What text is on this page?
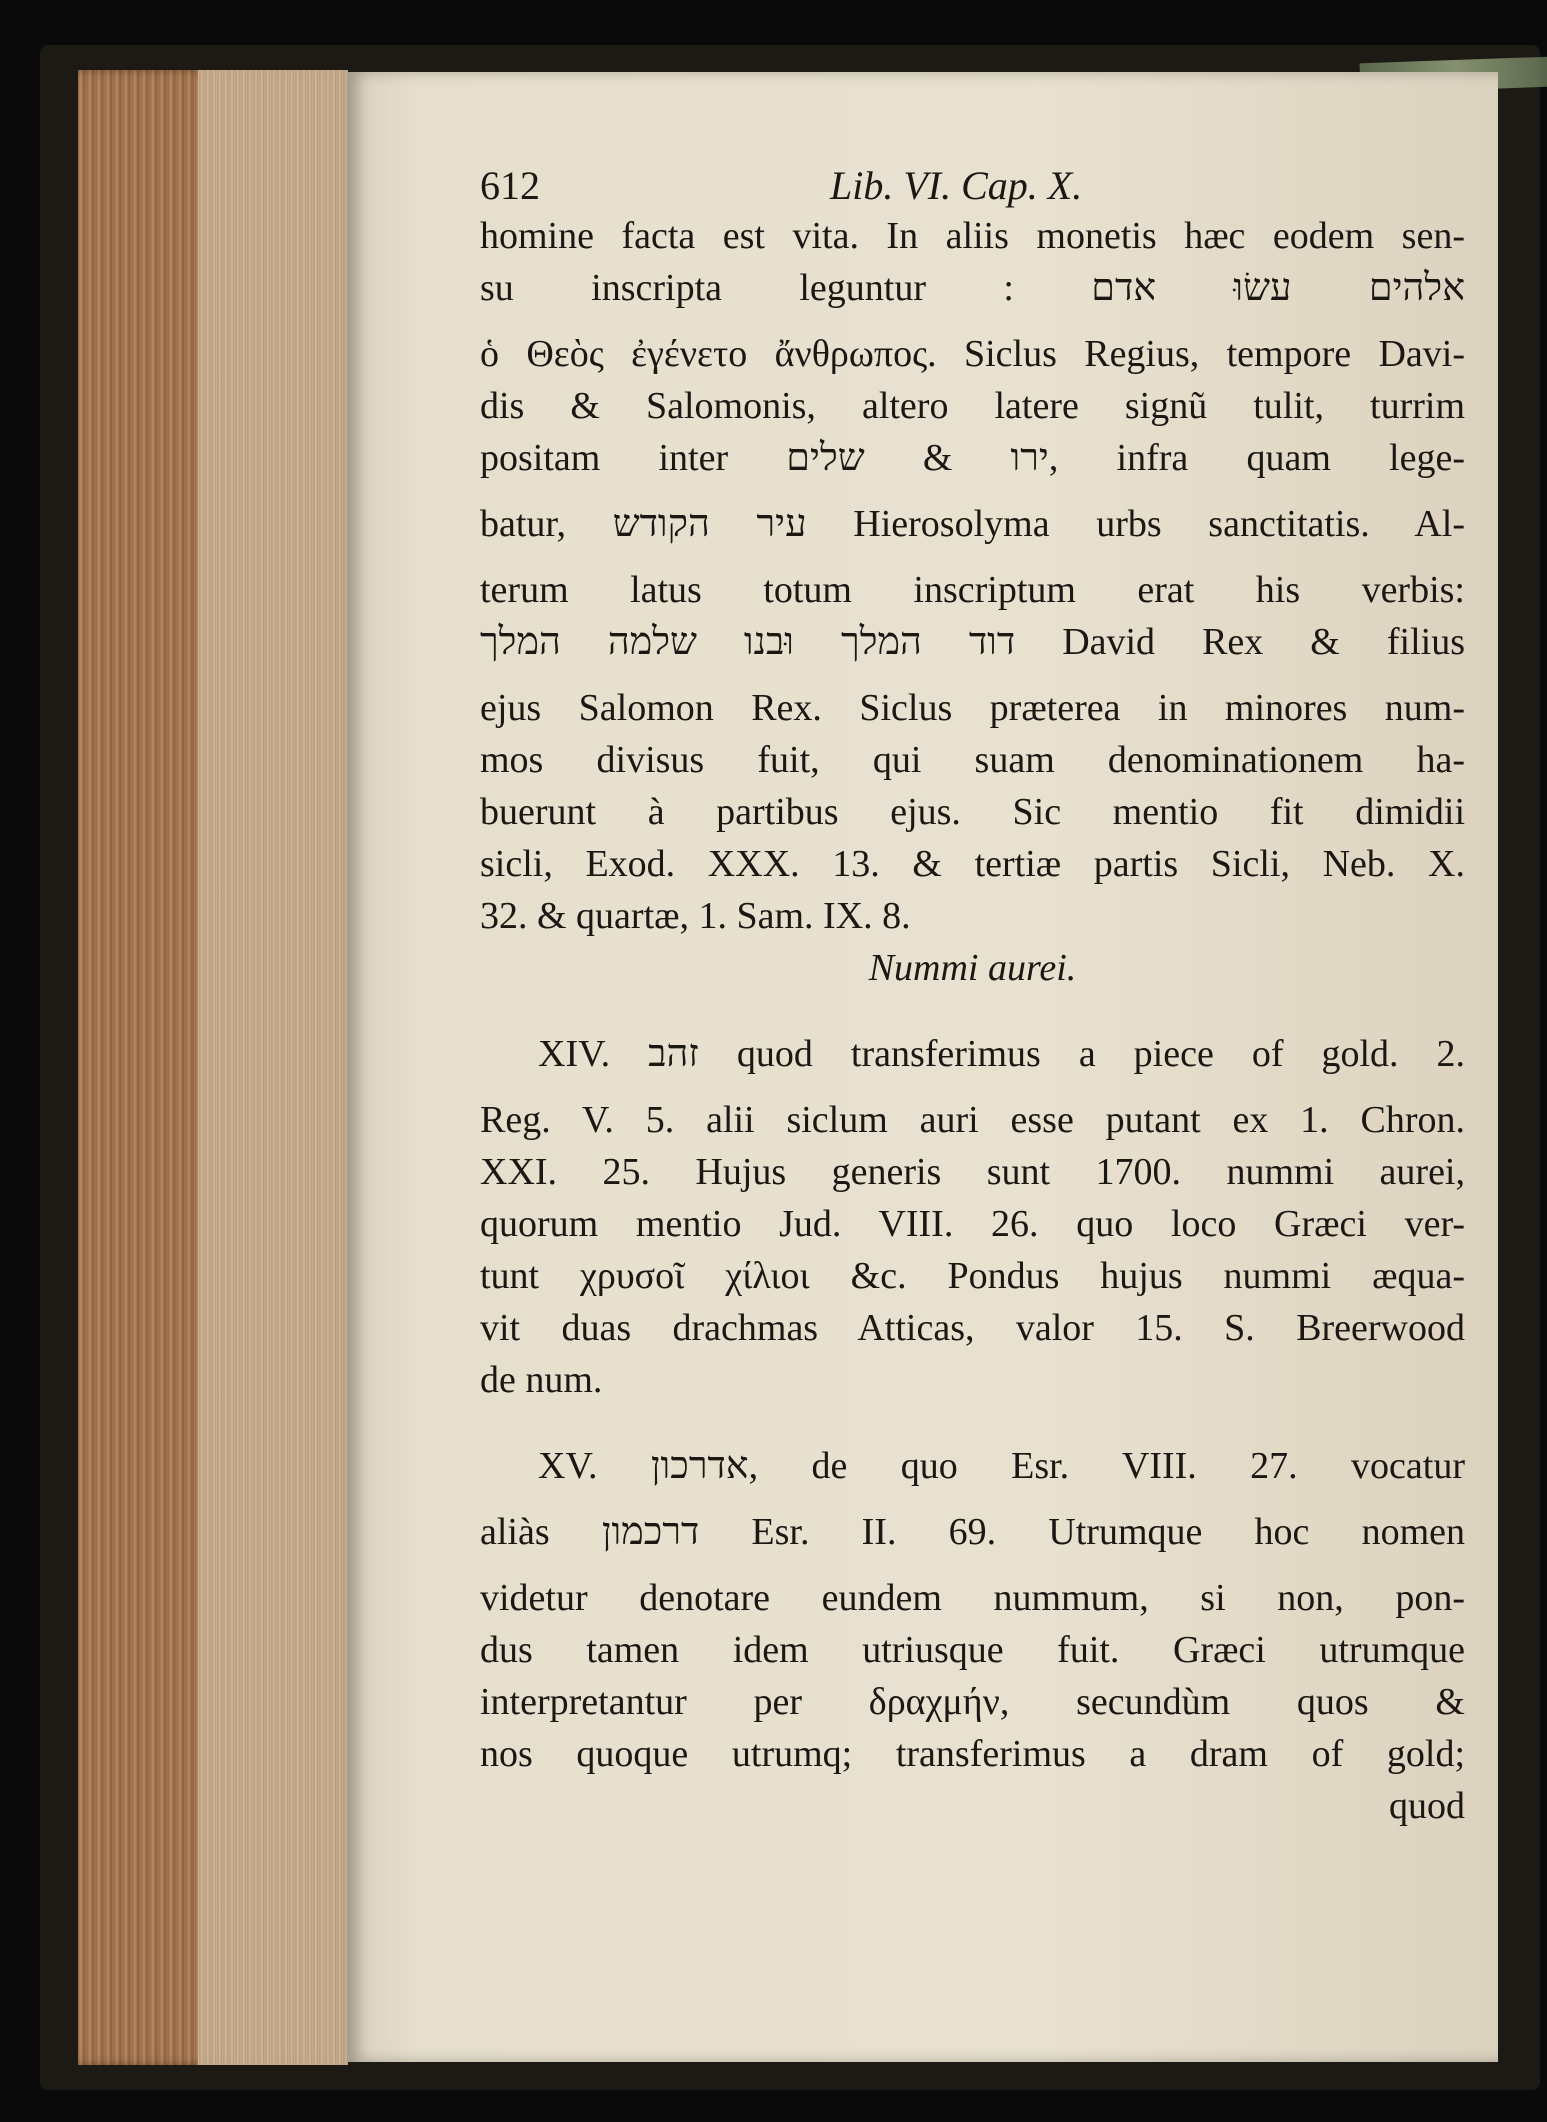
612	Lib. VI. Cap. X.
homine facta est vita. In aliis monetis hæc eodem sen-
su inscripta leguntur : אלהים עשׂוּ אדם
ὁ Θεὸς ἐγένετο ἄνθρωπος. Siclus Regius, tempore Davi-
dis & Salomonis, altero latere signũ tulit, turrim
positam inter ירו & שלים, infra quam lege-
batur, עיר הקודש Hierosolyma urbs sanctitatis. Al-
terum latus totum inscriptum erat his verbis:
דוד המלך וּבנו שלמה המלך David Rex & filius
ejus Salomon Rex. Siclus præterea in minores num-
mos divisus fuit, qui suam denominationem ha-
buerunt à partibus ejus. Sic mentio fit dimidii
sicli, Exod. XXX. 13. & tertiæ partis Sicli, Neb. X.
32. & quartæ, 1. Sam. IX. 8.
Nummi aurei.
XIV. זהב quod transferimus a piece of gold. 2.
Reg. V. 5. alii siclum auri esse putant ex 1. Chron.
XXI. 25. Hujus generis sunt 1700. nummi aurei,
quorum mentio Jud. VIII. 26. quo loco Græci ver-
tunt χρυσοῖ χίλιοι &c. Pondus hujus nummi æqua-
vit duas drachmas Atticas, valor 15. S. Breerwood
de num.
XV. אדרכון, de quo Esr. VIII. 27. vocatur
aliàs דרכמון Esr. II. 69. Utrumque hoc nomen
videtur denotare eundem nummum, si non, pon-
dus tamen idem utriusque fuit. Græci utrumque
interpretantur per δραχμήν, secundùm quos &
nos quoque utrumq; transferimus a dram of gold;
quod
